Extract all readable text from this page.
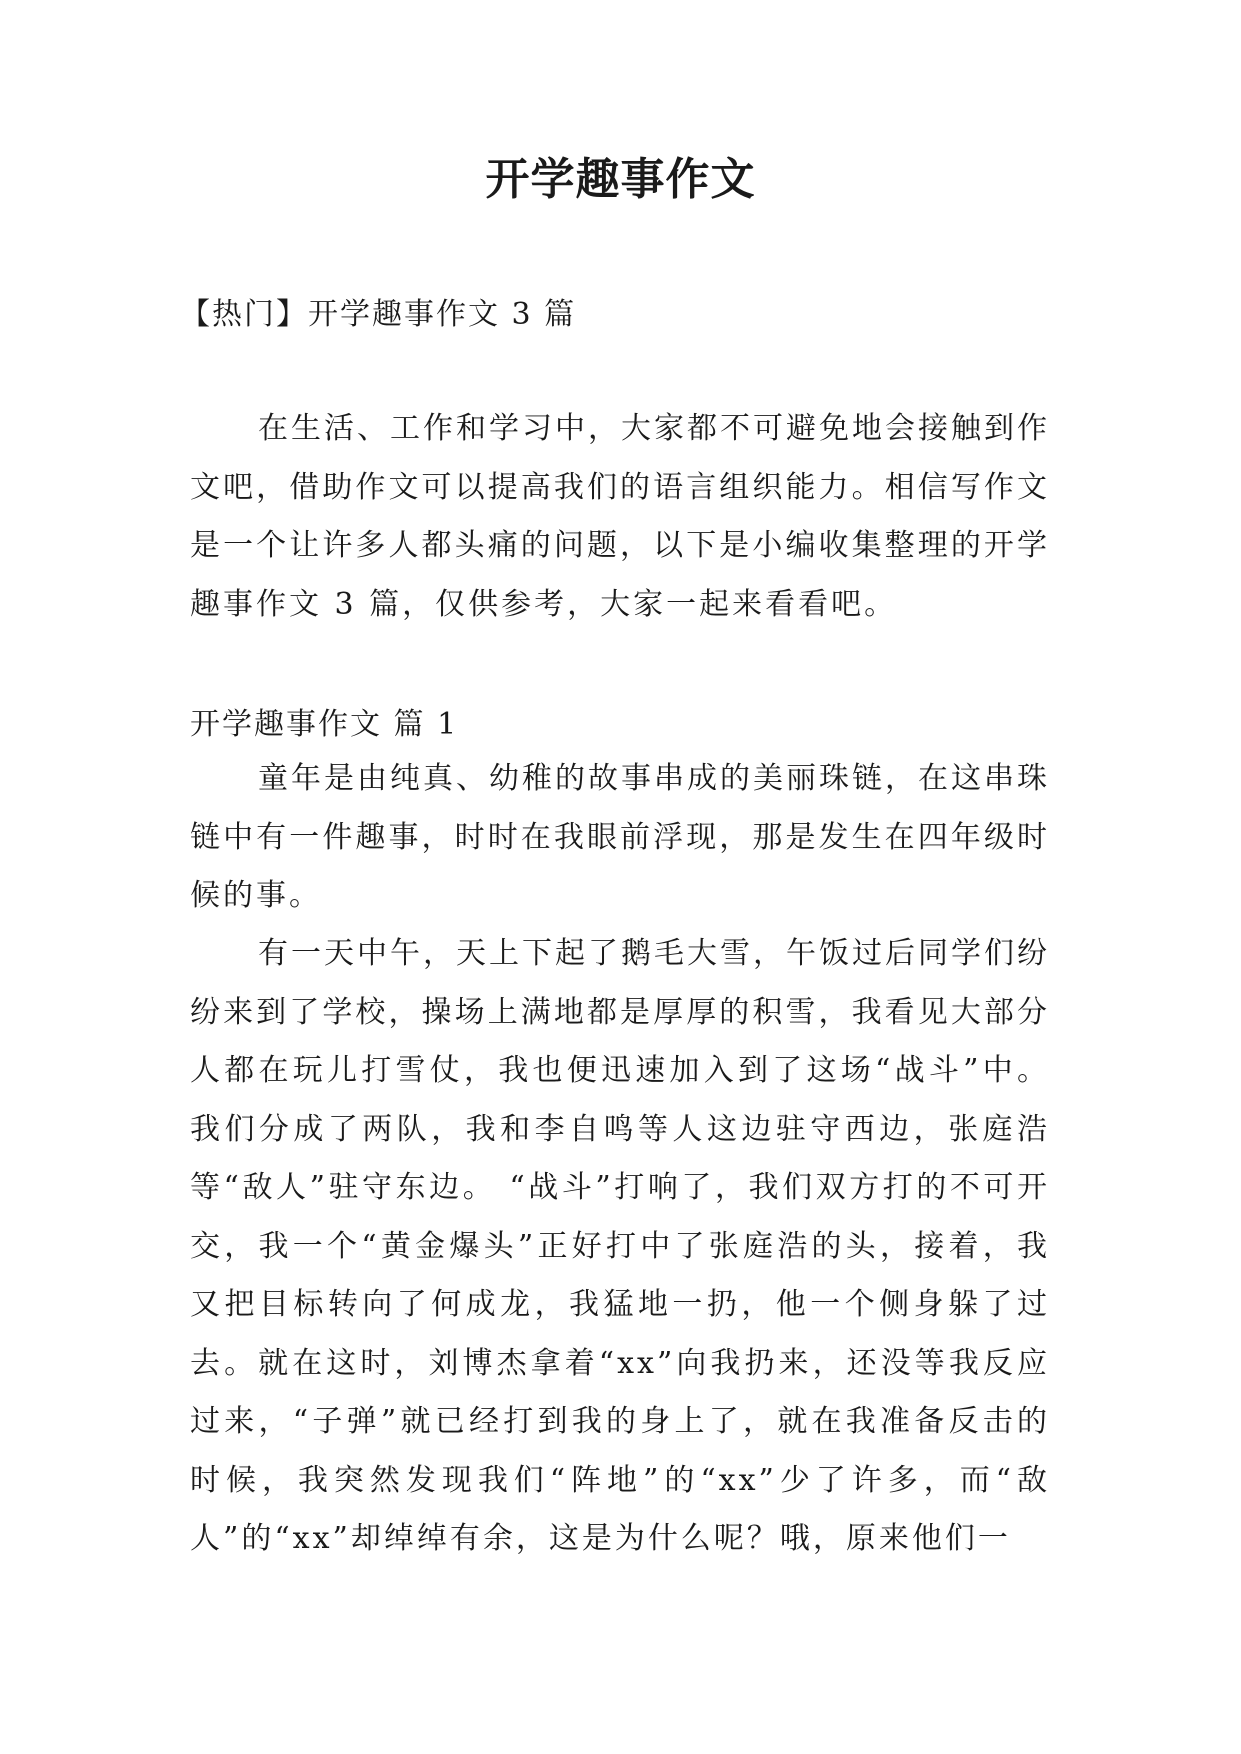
开学趣事作文

【热门】开学趣事作文 3 篇

在生活、工作和学习中，大家都不可避免地会接触到作文吧，借助作文可以提高我们的语言组织能力。相信写作文是一个让许多人都头痛的问题，以下是小编收集整理的开学趣事作文 3 篇，仅供参考，大家一起来看看吧。

开学趣事作文 篇 1

童年是由纯真、幼稚的故事串成的美丽珠链，在这串珠链中有一件趣事，时时在我眼前浮现，那是发生在四年级时候的事。

有一天中午，天上下起了鹅毛大雪，午饭过后同学们纷纷来到了学校，操场上满地都是厚厚的积雪，我看见大部分人都在玩儿打雪仗，我也便迅速加入到了这场“战斗”中。我们分成了两队，我和李自鸣等人这边驻守西边，张庭浩等“敌人”驻守东边。 “战斗”打响了，我们双方打的不可开交，我一个“黄金爆头”正好打中了张庭浩的头，接着，我又把目标转向了何成龙，我猛地一扔，他一个侧身躲了过去。就在这时，刘博杰拿着“xx”向我扔来，还没等我反应过来，“子弹”就已经打到我的身上了，就在我准备反击的时候，我突然发现我们“阵地”的“xx”少了许多，而“敌人”的“xx”却绰绰有余，这是为什么呢？哦，原来他们一
